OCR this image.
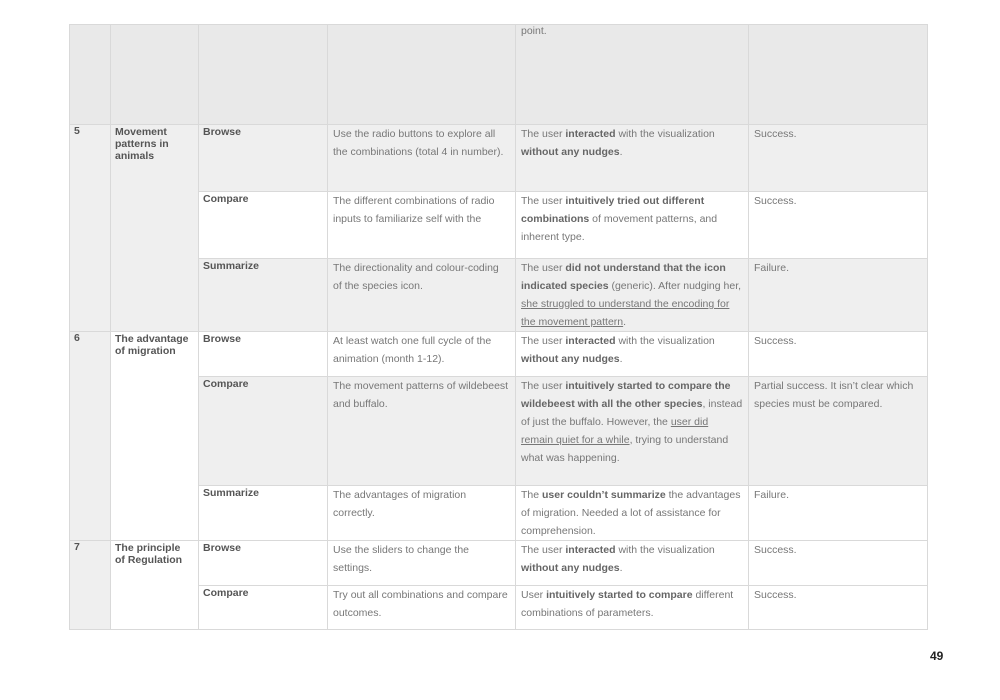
				point.	

5	Movement patterns in animals	Browse	Use the radio buttons to explore all the combinations (total 4 in number).	The user interacted with the visualization without any nudges.	Success.

		Compare	The different combinations of radio inputs to familiarize self with the	The user intuitively tried out different combinations of movement patterns, and inherent type.	Success.

		Summarize	The directionality and colour-coding of the species icon.	The user did not understand that the icon indicated species (generic). After nudging her, she struggled to understand the encoding for the movement pattern.	Failure.

6	The advantage of migration	Browse	At least watch one full cycle of the animation (month 1-12).	The user interacted with the visualization without any nudges.	Success.

		Compare	The movement patterns of wildebeest and buffalo.	The user intuitively started to compare the wildebeest with all the other species, instead of just the buffalo. However, the user did remain quiet for a while, trying to understand what was happening.	Partial success. It isn’t clear which species must be compared.

		Summarize	The advantages of migration correctly.	The user couldn’t summarize the advantages of migration. Needed a lot of assistance for comprehension.	Failure.

7	The principle of Regulation	Browse	Use the sliders to change the settings.	The user interacted with the visualization without any nudges.	Success.

		Compare	Try out all combinations and compare outcomes.	User intuitively started to compare different combinations of parameters.	Success.
49
